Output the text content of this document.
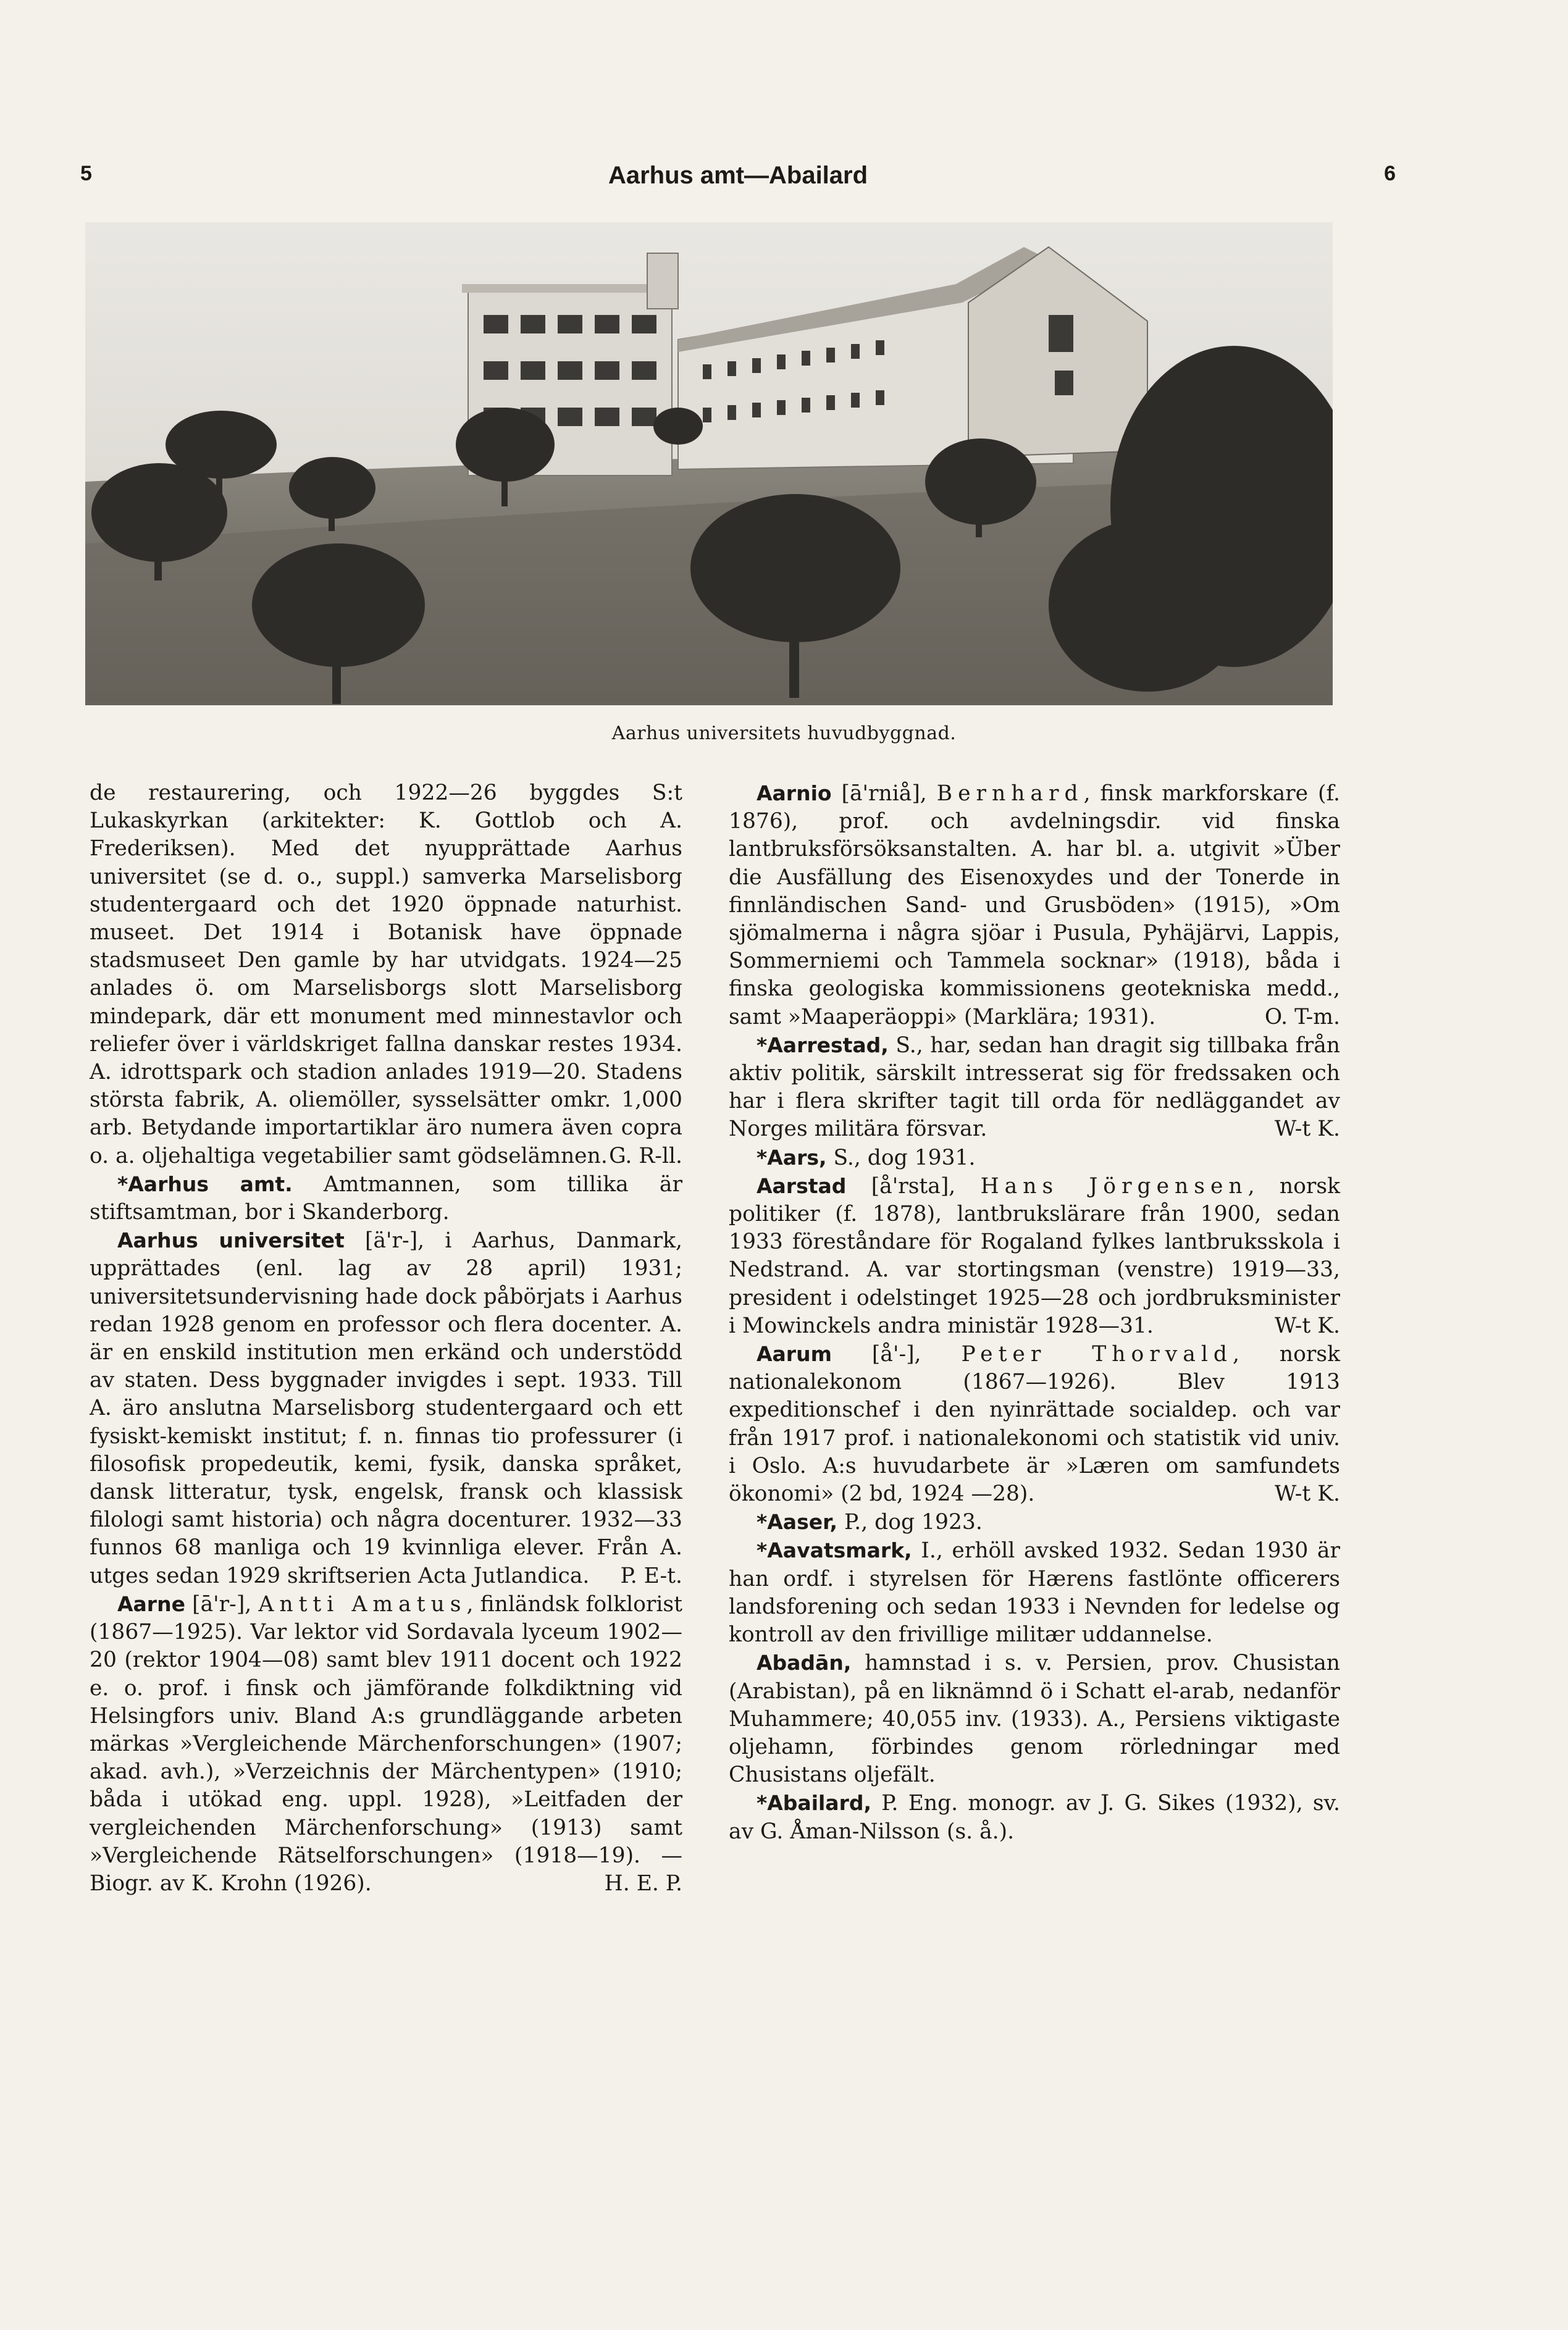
5	Aarhus amt—Abailard	6
Aarhus universitets huvudbyggnad.

de restaurering, och 1922—26 byggdes S:t Lukaskyrkan (arkitekter: K. Gottlob och A. Frederiksen). Med det nyupprättade Aarhus universitet (se d. o., suppl.) samverka Marselisborg studentergaard och det 1920 öppnade naturhist. museet. Det 1914 i Botanisk have öppnade stadsmuseet Den gamle by har utvidgats. 1924—25 anlades ö. om Marselisborgs slott Marselisborg mindepark, där ett monument med minnestavlor och reliefer över i världskriget fallna danskar restes 1934. A. idrottspark och stadion anlades 1919—20. Stadens största fabrik, A. oliemöller, sysselsätter omkr. 1,000 arb. Betydande importartiklar äro numera även copra o. a. oljehaltiga vegetabilier samt gödselämnen. G. R-ll.

*Aarhus amt. Amtmannen, som tillika är stiftsamtman, bor i Skanderborg.

Aarhus universitet [ä'r-], i Aarhus, Danmark, upprättades (enl. lag av 28 april) 1931; universitetsundervisning hade dock påbörjats i Aarhus redan 1928 genom en professor och flera docenter. A. är en enskild institution men erkänd och understödd av staten. Dess byggnader invigdes i sept. 1933. Till A. äro anslutna Marselisborg studentergaard och ett fysiskt-kemiskt institut; f. n. finnas tio professurer (i filosofisk propedeutik, kemi, fysik, danska språket, dansk litteratur, tysk, engelsk, fransk och klassisk filologi samt historia) och några docenturer. 1932—33 funnos 68 manliga och 19 kvinnliga elever. Från A. utges sedan 1929 skriftserien Acta Jutlandica.	P. E-t.

Aarne [ā'r-], Antti Amatus, finländsk folklorist (1867—1925). Var lektor vid Sordavala lyceum 1902—20 (rektor 1904—08) samt blev 1911 docent och 1922 e. o. prof. i finsk och jämförande folkdiktning vid Helsingfors univ. Bland A:s grundläggande arbeten märkas »Vergleichende Märchenforschungen» (1907; akad. avh.), »Verzeichnis der Märchentypen» (1910; båda i utökad eng. uppl. 1928), »Leitfaden der vergleichenden Märchenforschung» (1913) samt »Vergleichende Rätselforschungen» (1918—19). — Biogr. av K. Krohn (1926).	H. E. P.

Aarnio [ā'rniå], Bernhard, finsk markforskare (f. 1876), prof. och avdelningsdir. vid finska lantbruksförsöksanstalten. A. har bl. a. utgivit »Über die Ausfällung des Eisenoxydes und der Tonerde in finnländischen Sand- und Grusböden» (1915), »Om sjömalmerna i några sjöar i Pusula, Pyhäjärvi, Lappis, Sommerniemi och Tammela socknar» (1918), båda i finska geologiska kommissionens geotekniska medd., samt »Maaperäoppi» (Marklära; 1931).	O. T-m.

*Aarrestad, S., har, sedan han dragit sig tillbaka från aktiv politik, särskilt intresserat sig för fredssaken och har i flera skrifter tagit till orda för nedläggandet av Norges militära försvar.	W-t K.

*Aars, S., dog 1931.

Aarstad [å'rsta], Hans Jörgensen, norsk politiker (f. 1878), lantbrukslärare från 1900, sedan 1933 föreståndare för Rogaland fylkes lantbruksskola i Nedstrand. A. var stortingsman (venstre) 1919—33, president i odelstinget 1925—28 och jordbruksminister i Mowinckels andra ministär 1928—31.	W-t K.

Aarum [å'-], Peter Thorvald, norsk nationalekonom (1867—1926). Blev 1913 expeditionschef i den nyinrättade socialdep. och var från 1917 prof. i nationalekonomi och statistik vid univ. i Oslo. A:s huvudarbete är »Læren om samfundets ökonomi» (2 bd, 1924 —28).	W-t K.

*Aaser, P., dog 1923.

*Aavatsmark, I., erhöll avsked 1932. Sedan 1930 är han ordf. i styrelsen för Hærens fastlönte officerers landsforening och sedan 1933 i Nevnden for ledelse og kontroll av den frivillige militær uddannelse.

Abadān, hamnstad i s. v. Persien, prov. Chusistan (Arabistan), på en liknämnd ö i Schatt el-arab, nedanför Muhammere; 40,055 inv. (1933). A., Persiens viktigaste oljehamn, förbindes genom rörledningar med Chusistans oljefält.

*Abailard, P. Eng. monogr. av J. G. Sikes (1932), sv. av G. Åman-Nilsson (s. å.).
